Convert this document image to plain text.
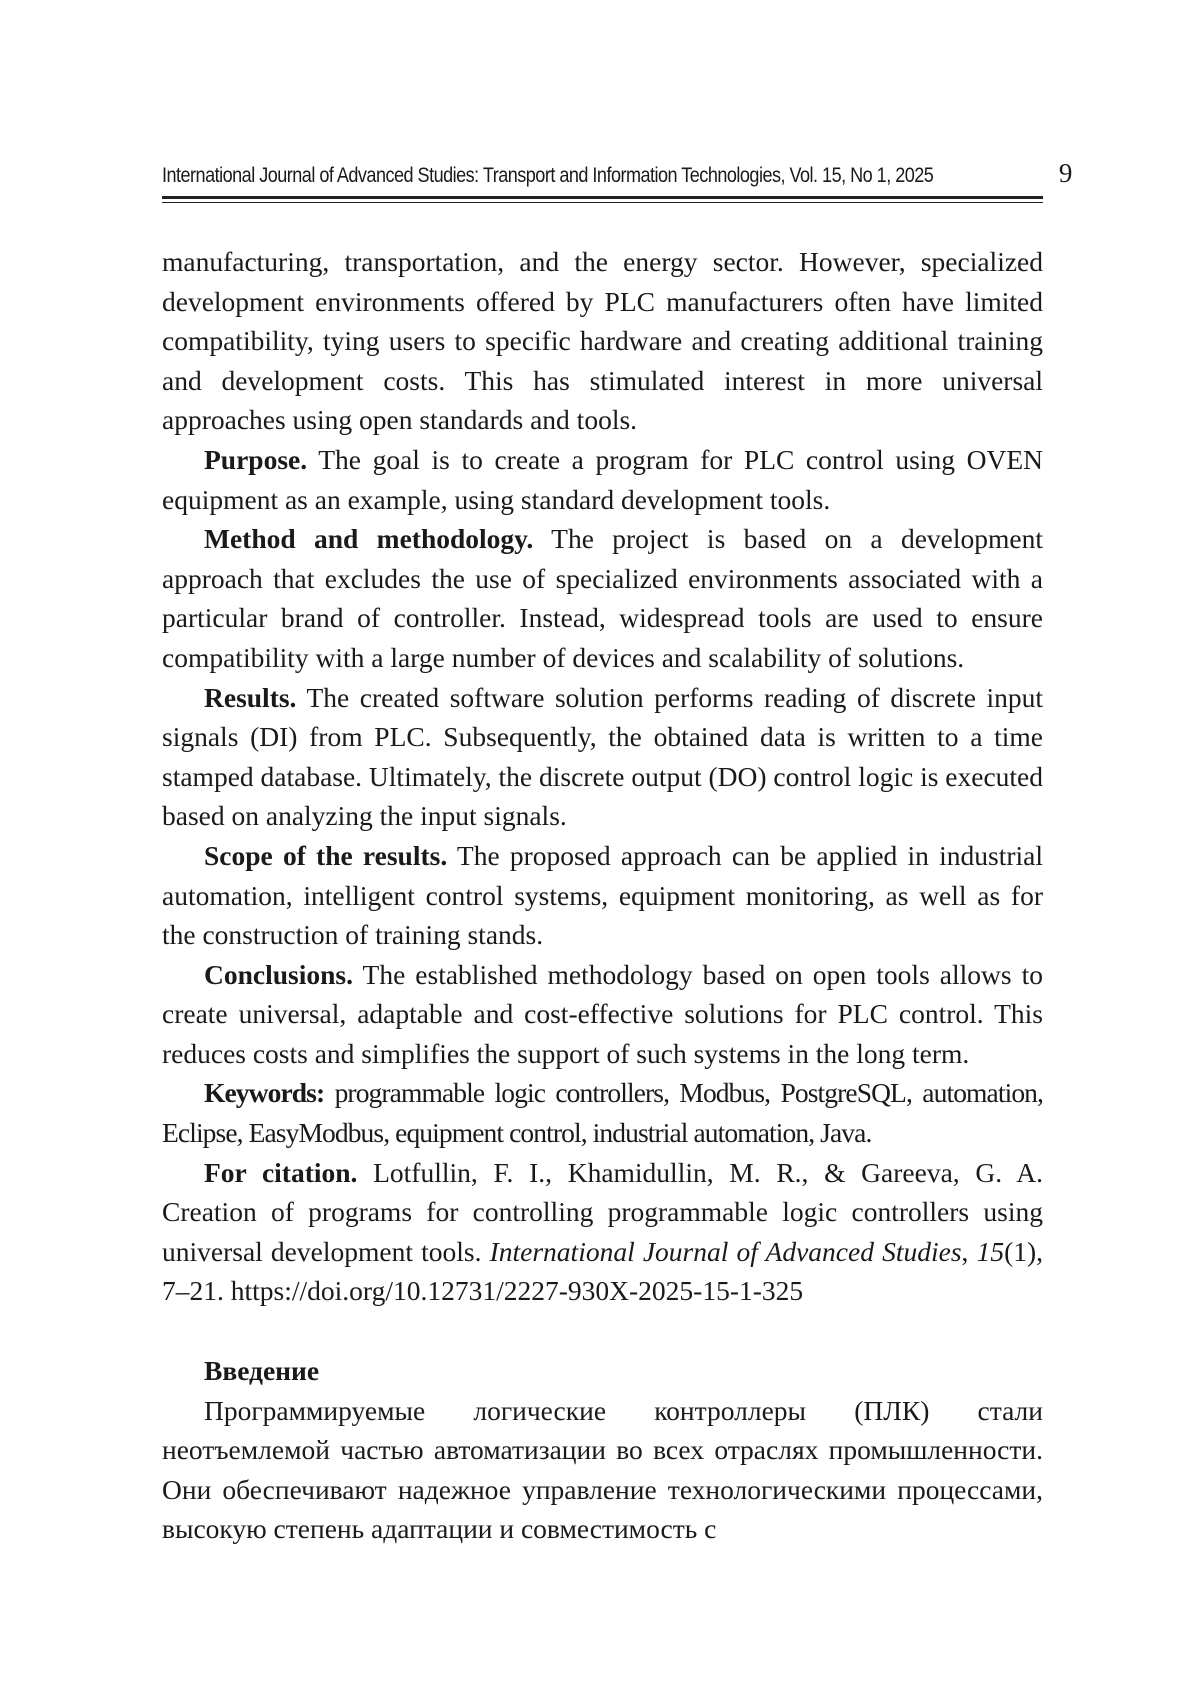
International Journal of Advanced Studies: Transport and Information Technologies, Vol. 15, No 1, 2025	9

manufacturing, transportation, and the energy sector. However, specialized development environments offered by PLC manufacturers often have limited compatibility, tying users to specific hardware and creating additional training and development costs. This has stimulated interest in more universal approaches using open standards and tools.

Purpose. The goal is to create a program for PLC control using OVEN equipment as an example, using standard development tools.

Method and methodology. The project is based on a development approach that excludes the use of specialized environments associated with a particular brand of controller. Instead, widespread tools are used to ensure compatibility with a large number of devices and scalability of solutions.

Results. The created software solution performs reading of discrete input signals (DI) from PLC. Subsequently, the obtained data is written to a time stamped database. Ultimately, the discrete output (DO) control logic is executed based on analyzing the input signals.

Scope of the results. The proposed approach can be applied in industrial automation, intelligent control systems, equipment monitoring, as well as for the construction of training stands.

Conclusions. The established methodology based on open tools allows to create universal, adaptable and cost-effective solutions for PLC control. This reduces costs and simplifies the support of such systems in the long term.

Keywords: programmable logic controllers, Modbus, PostgreSQL, automation, Eclipse, EasyModbus, equipment control, industrial automation, Java.

For citation. Lotfullin, F. I., Khamidullin, M. R., & Gareeva, G. A. Creation of programs for controlling programmable logic controllers using universal development tools. International Journal of Advanced Studies, 15(1), 7–21. https://doi.org/10.12731/2227-930X-2025-15-1-325

Введение

Программируемые логические контроллеры (ПЛК) стали неотъемлемой частью автоматизации во всех отраслях промышленности. Они обеспечивают надежное управление технологическими процессами, высокую степень адаптации и совместимость с
